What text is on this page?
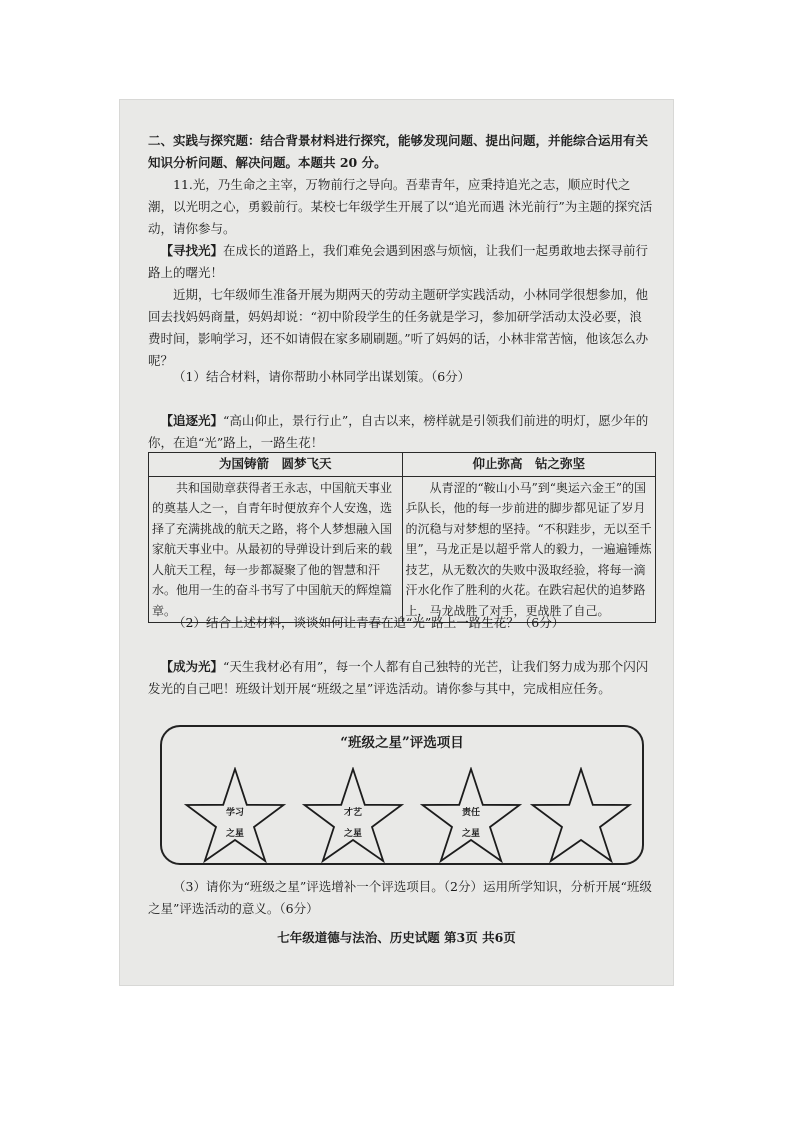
二、实践与探究题：结合背景材料进行探究，能够发现问题、提出问题，并能综合运用有关知识分析问题、解决问题。本题共 20 分。
11.光，乃生命之主宰，万物前行之导向。吾辈青年，应秉持追光之志，顺应时代之潮，以光明之心，勇毅前行。某校七年级学生开展了以“追光而遇 沐光前行”为主题的探究活动，请你参与。
【寻找光】在成长的道路上，我们难免会遇到困惑与烦恼，让我们一起勇敢地去探寻前行路上的曙光！
近期，七年级师生准备开展为期两天的劳动主题研学实践活动，小林同学很想参加，他回去找妈妈商量，妈妈却说：“初中阶段学生的任务就是学习，参加研学活动太没必要，浪费时间，影响学习，还不如请假在家多刷刷题。”听了妈妈的话，小林非常苦恼，他该怎么办呢？
（1）结合材料，请你帮助小林同学出谋划策。（6分）
【追逐光】“高山仰止，景行行止”，自古以来，榜样就是引领我们前进的明灯，愿少年的你，在追“光”路上，一路生花！
为国铸箭　圆梦飞天	仰止弥高　钻之弥坚

共和国勋章获得者王永志，中国航天事业的奠基人之一，自青年时便放弃个人安逸，选择了充满挑战的航天之路，将个人梦想融入国家航天事业中。从最初的导弹设计到后来的载人航天工程，每一步都凝聚了他的智慧和汗水。他用一生的奋斗书写了中国航天的辉煌篇章。	从青涩的“鞍山小马”到“奥运六金王”的国乒队长，他的每一步前进的脚步都见证了岁月的沉稳与对梦想的坚持。“不积跬步，无以至千里”，马龙正是以超乎常人的毅力，一遍遍锤炼技艺，从无数次的失败中汲取经验，将每一滴汗水化作了胜利的火花。在跌宕起伏的追梦路上，马龙战胜了对手，更战胜了自己。

（2）结合上述材料，谈谈如何让青春在追“光”路上一路生花？（6分）
【成为光】“天生我材必有用”，每一个人都有自己独特的光芒，让我们努力成为那个闪闪发光的自己吧！班级计划开展“班级之星”评选活动。请你参与其中，完成相应任务。
“班级之星”评选项目
学习
之星
才艺
之星
责任
之星
（3）请你为“班级之星”评选增补一个评选项目。（2分）运用所学知识，分析开展“班级之星”评选活动的意义。（6分）
七年级道德与法治、历史试题 第3页 共6页
